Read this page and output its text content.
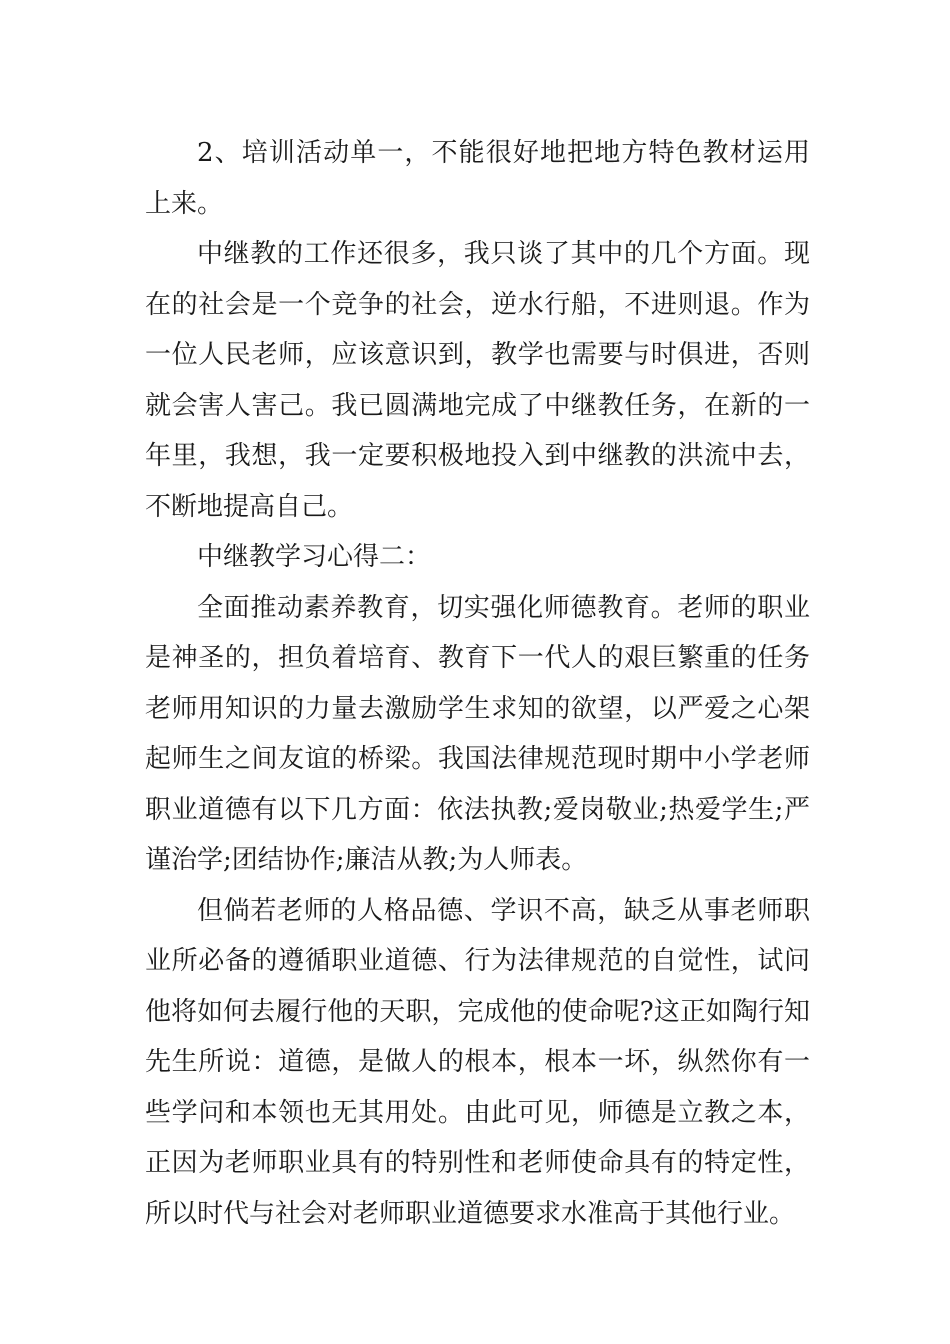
2、培训活动单一，不能很好地把地方特色教材运用上来。

中继教的工作还很多，我只谈了其中的几个方面。现在的社会是一个竞争的社会，逆水行船，不进则退。作为一位人民老师，应该意识到，教学也需要与时俱进，否则就会害人害己。我已圆满地完成了中继教任务，在新的一年里，我想，我一定要积极地投入到中继教的洪流中去，不断地提高自己。

中继教学习心得二：

全面推动素养教育，切实强化师德教育。老师的职业是神圣的，担负着培育、教育下一代人的艰巨繁重的任务老师用知识的力量去激励学生求知的欲望，以严爱之心架起师生之间友谊的桥梁。我国法律规范现时期中小学老师职业道德有以下几方面：依法执教;爱岗敬业;热爱学生;严谨治学;团结协作;廉洁从教;为人师表。

但倘若老师的人格品德、学识不高，缺乏从事老师职业所必备的遵循职业道德、行为法律规范的自觉性，试问他将如何去履行他的天职，完成他的使命呢?这正如陶行知先生所说：道德，是做人的根本，根本一坏，纵然你有一些学问和本领也无其用处。由此可见，师德是立教之本，正因为老师职业具有的特别性和老师使命具有的特定性，所以时代与社会对老师职业道德要求水准高于其他行业。
